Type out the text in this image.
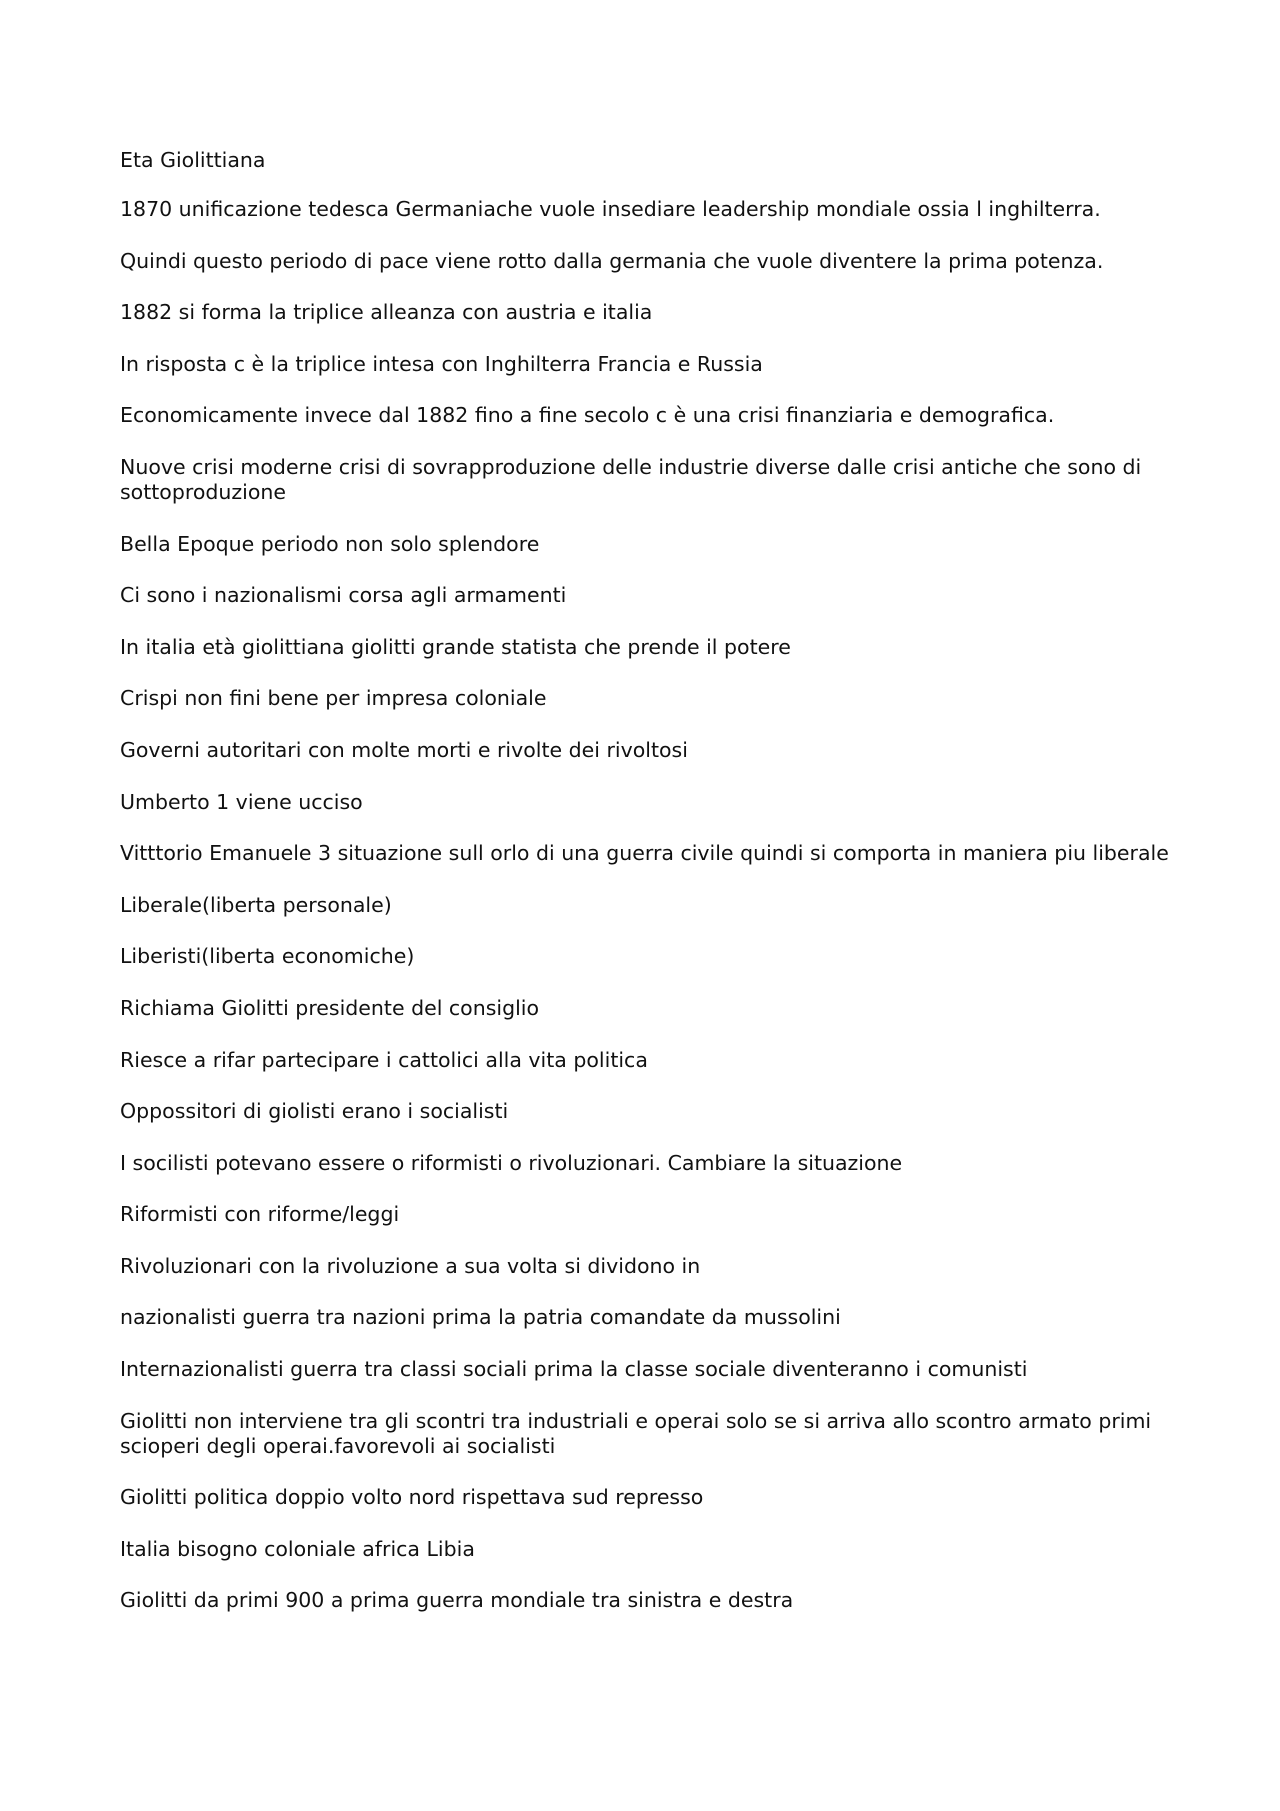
Eta Giolittiana

1870 unificazione tedesca Germaniache vuole insediare leadership mondiale ossia l inghilterra.

Quindi questo periodo di pace viene rotto dalla germania che vuole diventere la prima potenza.

1882 si forma la triplice alleanza con austria e italia

In risposta c è la triplice intesa con Inghilterra Francia e Russia

Economicamente invece dal 1882 fino a fine secolo c è una crisi finanziaria e demografica.

Nuove crisi moderne crisi di sovrapproduzione delle industrie diverse dalle crisi antiche che sono di sottoproduzione

Bella Epoque periodo non solo splendore

Ci sono i nazionalismi corsa agli armamenti

In italia età giolittiana giolitti grande statista che prende il potere

Crispi non fini bene per impresa coloniale

Governi autoritari con molte morti e rivolte dei rivoltosi

Umberto 1 viene ucciso

Vitttorio Emanuele 3 situazione sull orlo di una guerra civile quindi si comporta in maniera piu liberale

Liberale(liberta personale)

Liberisti(liberta economiche)

Richiama Giolitti presidente del consiglio

Riesce a rifar partecipare i cattolici alla vita politica

Oppossitori di giolisti erano i socialisti

I socilisti potevano essere o riformisti o rivoluzionari. Cambiare la situazione

Riformisti con riforme/leggi

Rivoluzionari con la rivoluzione a sua volta si dividono in

nazionalisti guerra tra nazioni prima la patria comandate da mussolini

Internazionalisti guerra tra classi sociali prima la classe sociale diventeranno i comunisti

Giolitti non interviene tra gli scontri tra industriali e operai solo se si arriva allo scontro armato primi scioperi degli operai.favorevoli ai socialisti

Giolitti politica doppio volto nord rispettava sud represso

Italia bisogno coloniale africa Libia

Giolitti da primi 900 a prima guerra mondiale tra sinistra e destra
